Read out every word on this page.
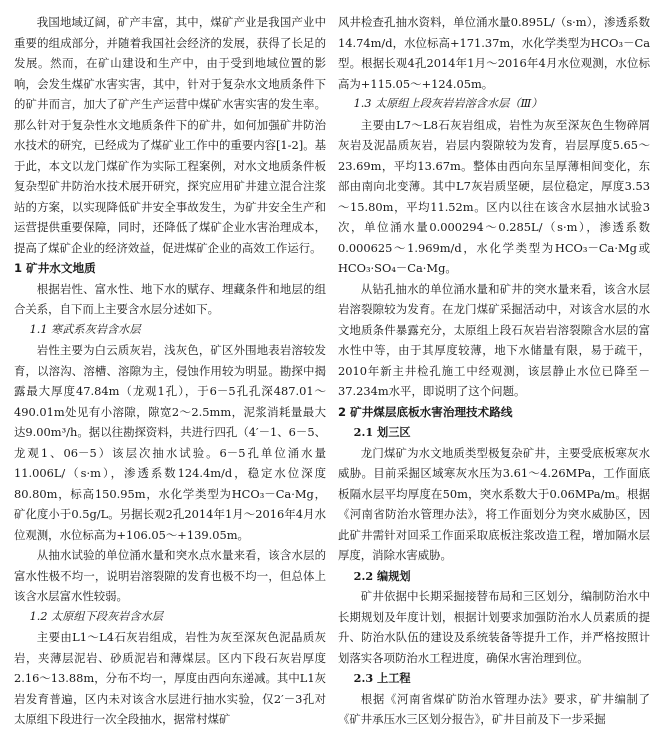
我国地域辽阔，矿产丰富，其中，煤矿产业是我国产业中重要的组成部分，并随着我国社会经济的发展，获得了长足的发展。然而，在矿山建设和生产中，由于受到地域位置的影响，会发生煤矿水害实害，其中，针对于复杂水文地质条件下的矿井而言，加大了矿产生产运营中煤矿水害实害的发生率。那么针对于复杂性水文地质条件下的矿井，如何加强矿井防治水技术的研究，已经成为了煤矿业工作中的重要内容[1-2]。基于此，本文以龙门煤矿作为实际工程案例，对水文地质条件板复杂型矿井防治水技术展开研究，探究应用矿井建立混合注浆站的方案，以实现降低矿井安全事故发生，为矿井安全生产和运营提供重要保障，同时，还降低了煤矿企业水害治理成本，提高了煤矿企业的经济效益，促进煤矿企业的高效工作运行。

1 矿井水文地质

根据岩性、富水性、地下水的赋存、埋藏条件和地层的组合关系，自下而上主要含水层分述如下。

1.1 寒武系灰岩含水层

岩性主要为白云质灰岩，浅灰色，矿区外围地表岩溶较发育，以溶沟、溶槽、溶隙为主，侵蚀作用较为明显。勘探中揭露最大厚度47.84m（龙观1孔），于6－5孔孔深487.01～490.01m处见有小溶隙，隙宽2～2.5mm，泥浆消耗量最大达9.00m³/h。据以往勘探资料，共进行四孔（4′－1、6－5、龙观1、06－5）该层次抽水试验。6－5孔单位涌水量11.006L/（s·m），渗透系数124.4m/d，稳定水位深度80.80m，标高150.95m，水化学类型为HCO₃－Ca·Mg，矿化度小于0.5g/L。另据长观2孔2014年1月～2016年4月水位观测，水位标高为+106.05～+139.05m。

从抽水试验的单位涌水量和突水点水量来看，该含水层的富水性极不均一，说明岩溶裂隙的发育也极不均一，但总体上该含水层富水性较弱。

1.2 太原组下段灰岩含水层

主要由L1～L4石灰岩组成，岩性为灰至深灰色泥晶质灰岩，夹薄层泥岩、砂质泥岩和薄煤层。区内下段石灰岩厚度2.16～13.88m，分布不均一，厚度由西向东递减。其中L1灰岩发育普遍，区内未对该含水层进行抽水实验，仅2′－3孔对太原组下段进行一次全段抽水，据常村煤矿

风井检查孔抽水资料，单位涌水量0.895L/（s·m），渗透系数14.74m/d，水位标高+171.37m，水化学类型为HCO₃－Ca型。根据长观4孔2014年1月～2016年4月水位观测，水位标高为+115.05～+124.05m。

1.3 太原组上段灰岩岩溶含水层（Ⅲ）

主要由L7～L8石灰岩组成，岩性为灰至深灰色生物碎屑灰岩及泥晶质灰岩，岩层内裂隙较为发育，岩层厚度5.65～23.69m，平均13.67m。整体由西向东呈厚薄相间变化，东部由南向北变薄。其中L7灰岩质坚硬，层位稳定，厚度3.53～15.80m，平均11.52m。区内以往在该含水层抽水试验3次，单位涌水量0.000294～0.285L/（s·m），渗透系数0.000625～1.969m/d，水化学类型为HCO₃－Ca·Mg或HCO₃·SO₄－Ca·Mg。

从钻孔抽水的单位涌水量和矿井的突水量来看，该含水层岩溶裂隙较为发育。在龙门煤矿采掘活动中，对该含水层的水文地质条件暴露充分，太原组上段石灰岩岩溶裂隙含水层的富水性中等，由于其厚度较薄，地下水储量有限，易于疏干，2010年新主井检孔施工中经观测，该层静止水位已降至－37.234m水平，即说明了这个问题。

2 矿井煤层底板水害治理技术路线
2.1 划三区

龙门煤矿为水文地质类型极复杂矿井，主要受底板寒灰水威胁。目前采掘区域寒灰水压为3.61～4.26MPa，工作面底板隔水层平均厚度在50m，突水系数大于0.06MPa/m。根据《河南省防治水管理办法》，将工作面划分为突水威胁区，因此矿井需针对回采工作面采取底板注浆改造工程，增加隔水层厚度，消除水害威胁。

2.2 编规划

矿井依据中长期采掘接替布局和三区划分，编制防治水中长期规划及年度计划，根据计划要求加强防治水人员素质的提升、防治水队伍的建设及系统装备等提升工作，并严格按照计划落实各项防治水工程进度，确保水害治理到位。

2.3 上工程

根据《河南省煤矿防治水管理办法》要求，矿井编制了《矿井承压水三区划分报告》，矿井目前及下一步采掘
